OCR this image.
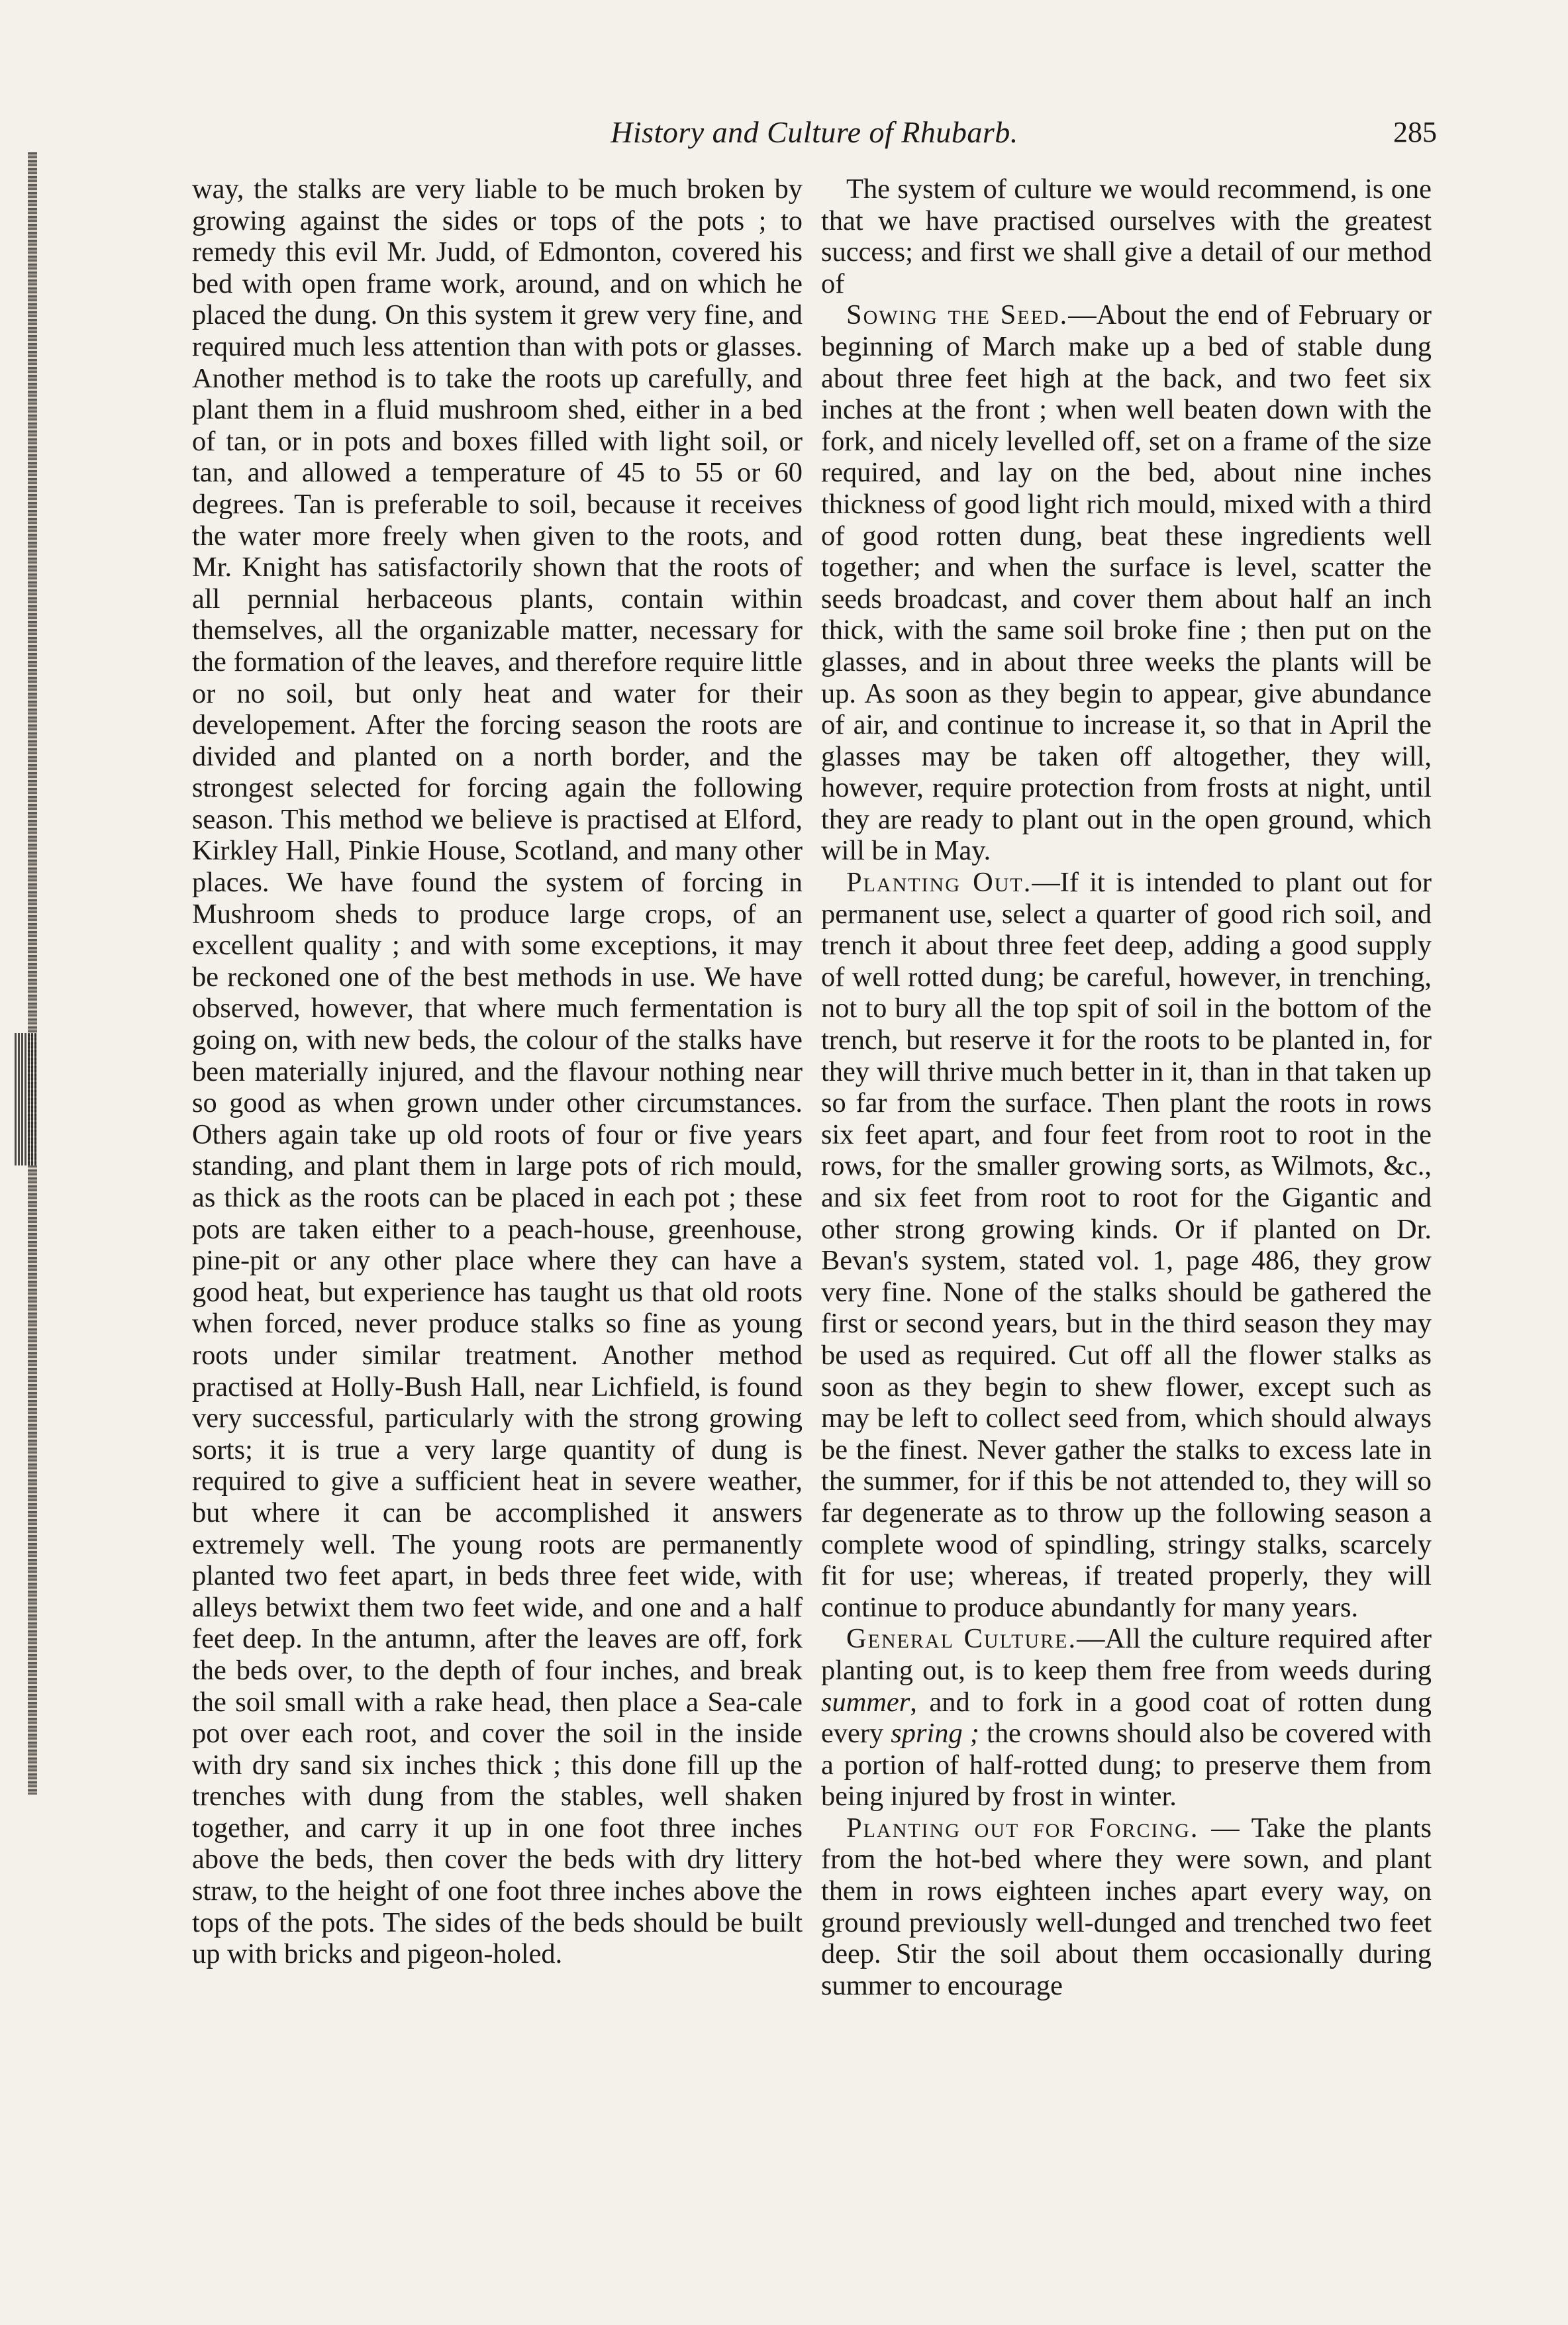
History and Culture of Rhubarb.	285

way, the stalks are very liable to be much broken by growing against the sides or tops of the pots ; to remedy this evil Mr. Judd, of Edmonton, covered his bed with open frame work, around, and on which he placed the dung. On this system it grew very fine, and required much less attention than with pots or glasses. Another method is to take the roots up carefully, and plant them in a fluid mushroom shed, either in a bed of tan, or in pots and boxes filled with light soil, or tan, and allowed a temperature of 45 to 55 or 60 degrees. Tan is preferable to soil, because it receives the water more freely when given to the roots, and Mr. Knight has satisfactorily shown that the roots of all pernnial herbaceous plants, contain within themselves, all the organizable matter, necessary for the formation of the leaves, and therefore require little or no soil, but only heat and water for their developement. After the forcing season the roots are divided and planted on a north border, and the strongest selected for forcing again the following season. This method we believe is practised at Elford, Kirkley Hall, Pinkie House, Scotland, and many other places. We have found the system of forcing in Mushroom sheds to produce large crops, of an excellent quality ; and with some exceptions, it may be reckoned one of the best methods in use. We have observed, however, that where much fermentation is going on, with new beds, the colour of the stalks have been materially injured, and the flavour nothing near so good as when grown under other circumstances. Others again take up old roots of four or five years standing, and plant them in large pots of rich mould, as thick as the roots can be placed in each pot ; these pots are taken either to a peach-house, greenhouse, pine-pit or any other place where they can have a good heat, but experience has taught us that old roots when forced, never produce stalks so fine as young roots under similar treatment. Another method practised at Holly-Bush Hall, near Lichfield, is found very successful, particularly with the strong growing sorts; it is true a very large quantity of dung is required to give a sufficient heat in severe weather, but where it can be accomplished it answers extremely well. The young roots are permanently planted two feet apart, in beds three feet wide, with alleys betwixt them two feet wide, and one and a half feet deep. In the antumn, after the leaves are off, fork the beds over, to the depth of four inches, and break the soil small with a rake head, then place a Sea-cale pot over each root, and cover the soil in the inside with dry sand six inches thick ; this done fill up the trenches with dung from the stables, well shaken together, and carry it up in one foot three inches above the beds, then cover the beds with dry littery straw, to the height of one foot three inches above the tops of the pots. The sides of the beds should be built up with bricks and pigeon-holed.

The system of culture we would recommend, is one that we have practised ourselves with the greatest success; and first we shall give a detail of our method of

Sowing the Seed.—About the end of February or beginning of March make up a bed of stable dung about three feet high at the back, and two feet six inches at the front ; when well beaten down with the fork, and nicely levelled off, set on a frame of the size required, and lay on the bed, about nine inches thickness of good light rich mould, mixed with a third of good rotten dung, beat these ingredients well together; and when the surface is level, scatter the seeds broadcast, and cover them about half an inch thick, with the same soil broke fine ; then put on the glasses, and in about three weeks the plants will be up. As soon as they begin to appear, give abundance of air, and continue to increase it, so that in April the glasses may be taken off altogether, they will, however, require protection from frosts at night, until they are ready to plant out in the open ground, which will be in May.

Planting Out.—If it is intended to plant out for permanent use, select a quarter of good rich soil, and trench it about three feet deep, adding a good supply of well rotted dung; be careful, however, in trenching, not to bury all the top spit of soil in the bottom of the trench, but reserve it for the roots to be planted in, for they will thrive much better in it, than in that taken up so far from the surface. Then plant the roots in rows six feet apart, and four feet from root to root in the rows, for the smaller growing sorts, as Wilmots, &c., and six feet from root to root for the Gigantic and other strong growing kinds. Or if planted on Dr. Bevan's system, stated vol. 1, page 486, they grow very fine. None of the stalks should be gathered the first or second years, but in the third season they may be used as required. Cut off all the flower stalks as soon as they begin to shew flower, except such as may be left to collect seed from, which should always be the finest. Never gather the stalks to excess late in the summer, for if this be not attended to, they will so far degenerate as to throw up the following season a complete wood of spindling, stringy stalks, scarcely fit for use; whereas, if treated properly, they will continue to produce abundantly for many years.

General Culture.—All the culture required after planting out, is to keep them free from weeds during summer, and to fork in a good coat of rotten dung every spring ; the crowns should also be covered with a portion of half-rotted dung; to preserve them from being injured by frost in winter.

Planting out for Forcing. — Take the plants from the hot-bed where they were sown, and plant them in rows eighteen inches apart every way, on ground previously well-dunged and trenched two feet deep. Stir the soil about them occasionally during summer to encourage
